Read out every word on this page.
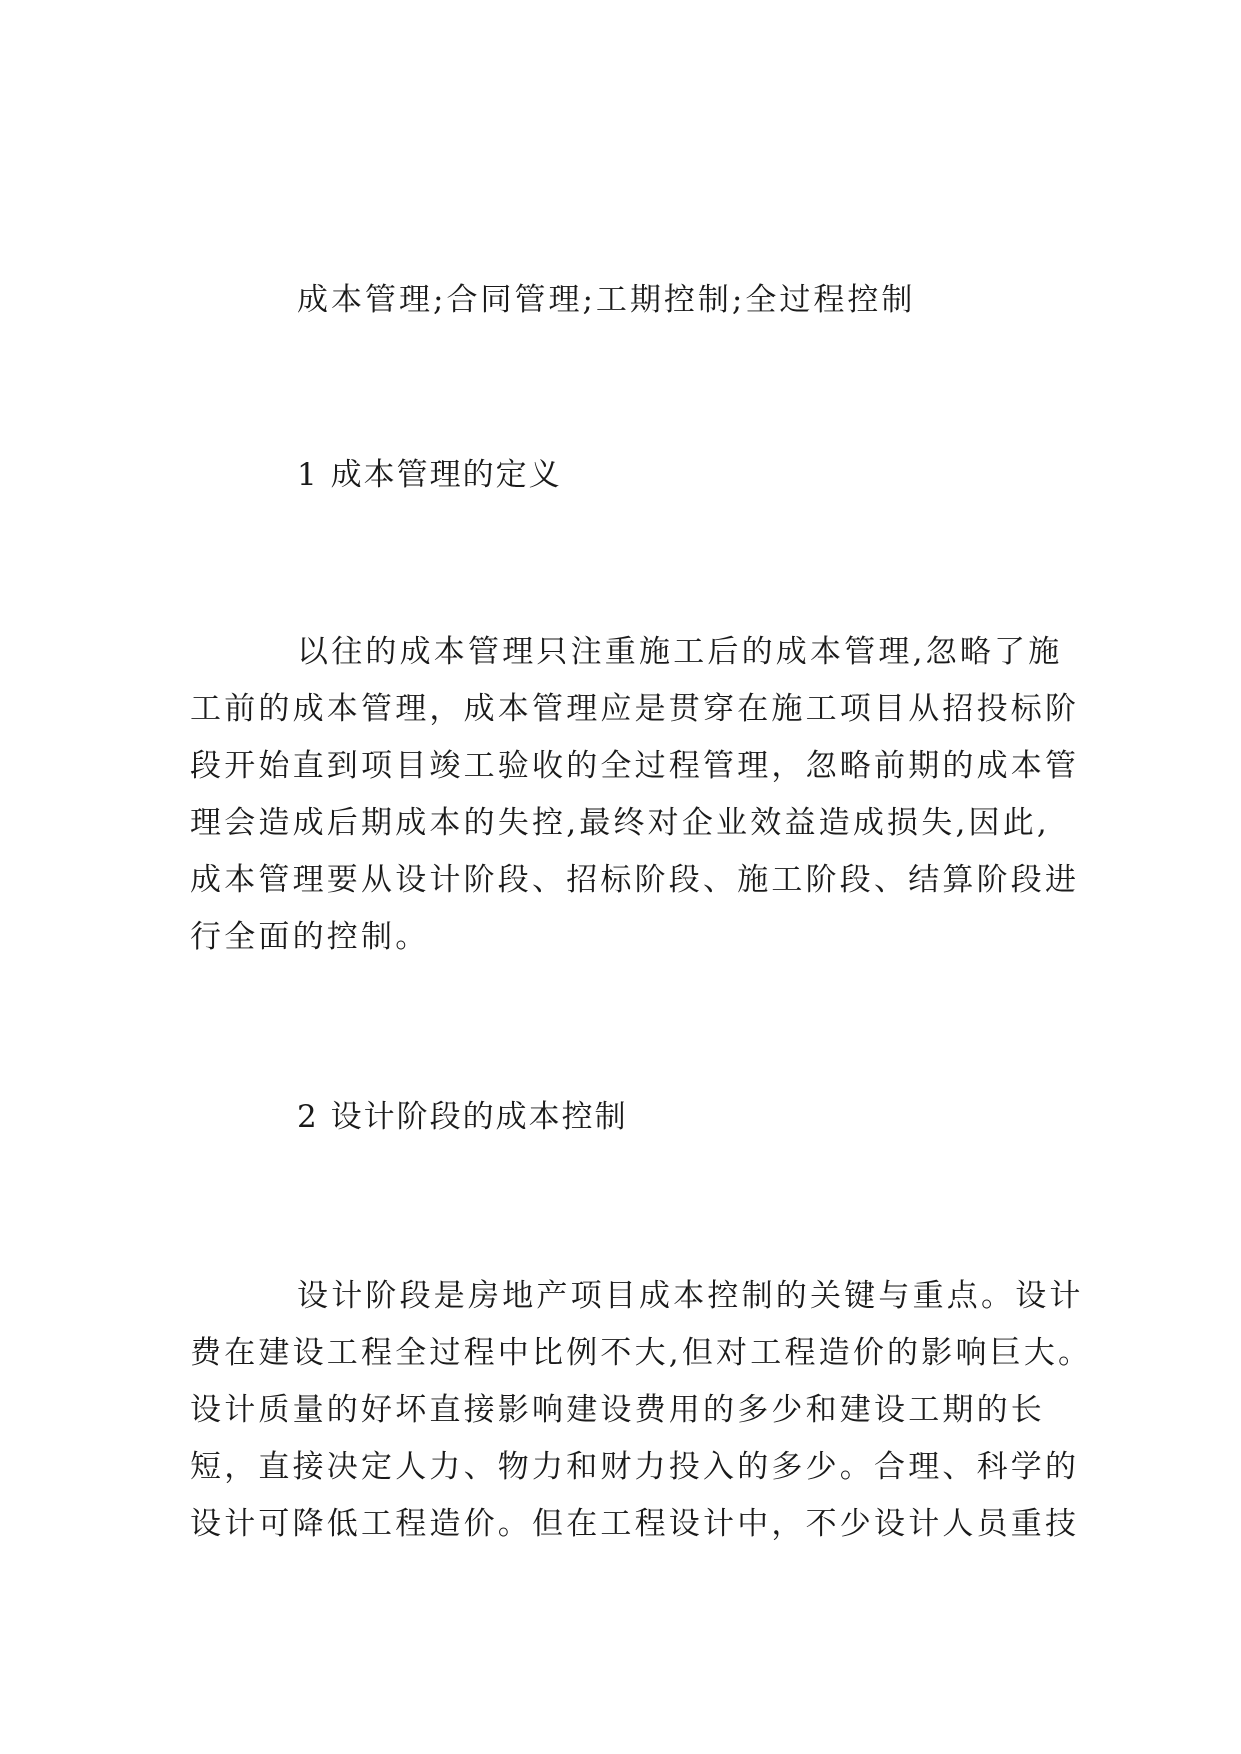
成本管理;合同管理;工期控制;全过程控制
1 成本管理的定义
以往的成本管理只注重施工后的成本管理,忽略了施
工前的成本管理，成本管理应是贯穿在施工项目从招投标阶
段开始直到项目竣工验收的全过程管理，忽略前期的成本管
理会造成后期成本的失控,最终对企业效益造成损失,因此,
成本管理要从设计阶段、招标阶段、施工阶段、结算阶段进
行全面的控制。
2 设计阶段的成本控制
设计阶段是房地产项目成本控制的关键与重点。设计
费在建设工程全过程中比例不大,但对工程造价的影响巨大。
设计质量的好坏直接影响建设费用的多少和建设工期的长
短，直接决定人力、物力和财力投入的多少。合理、科学的
设计可降低工程造价。但在工程设计中，不少设计人员重技
